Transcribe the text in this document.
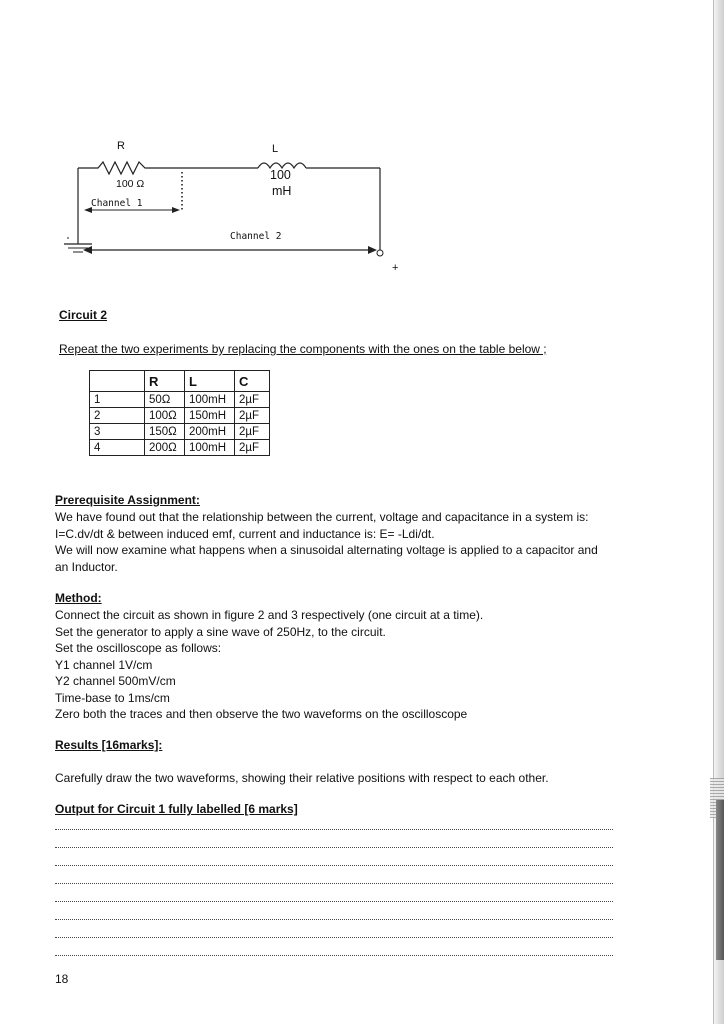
R
100 Ω
L
100
mH
Channel 1
Channel 2
+
Circuit 2
Repeat the two experiments by replacing the components with the ones on the table below ;
	R	L	C
1	50Ω	100mH	2µF
2	100Ω	150mH	2µF
3	150Ω	200mH	2µF
4	200Ω	100mH	2µF
Prerequisite Assignment:
We have found out that the relationship between the current, voltage and capacitance in a system is:
I=C.dv/dt & between induced emf, current and inductance is: E= -Ldi/dt.
We will now examine what happens when a sinusoidal alternating voltage is applied to a capacitor and
an Inductor.
Method:
Connect the circuit as shown in figure 2 and 3 respectively (one circuit at a time).
Set the generator to apply a sine wave of 250Hz, to the circuit.
Set the oscilloscope as follows:
Y1 channel 1V/cm
Y2 channel 500mV/cm
Time-base to 1ms/cm
Zero both the traces and then observe the two waveforms on the oscilloscope
Results [16marks]:
Carefully draw the two waveforms, showing their relative positions with respect to each other.
Output for Circuit 1 fully labelled [6 marks]
18
